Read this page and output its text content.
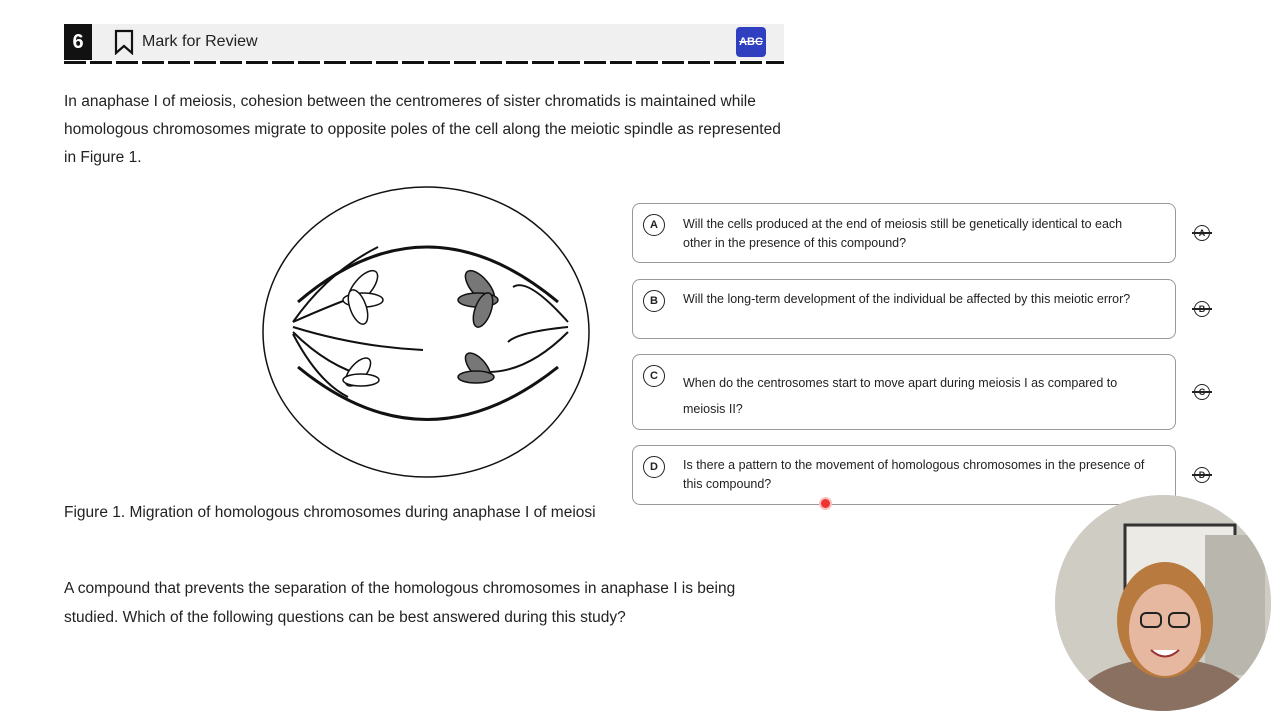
6	Mark for Review	ABC
In anaphase I of meiosis, cohesion between the centromeres of sister chromatids is maintained while homologous chromosomes migrate to opposite poles of the cell along the meiotic spindle as represented in Figure 1.
Figure 1. Migration of homologous chromosomes during anaphase I of meiosi
A compound that prevents the separation of the homologous chromosomes in anaphase I is being studied. Which of the following questions can be best answered during this study?
A	Will the cells produced at the end of meiosis still be genetically identical to each other in the presence of this compound?
B	Will the long-term development of the individual be affected by this meiotic error?
C	When do the centrosomes start to move apart during meiosis I as compared to meiosis II?
D	Is there a pattern to the movement of homologous chromosomes in the presence of this compound?
